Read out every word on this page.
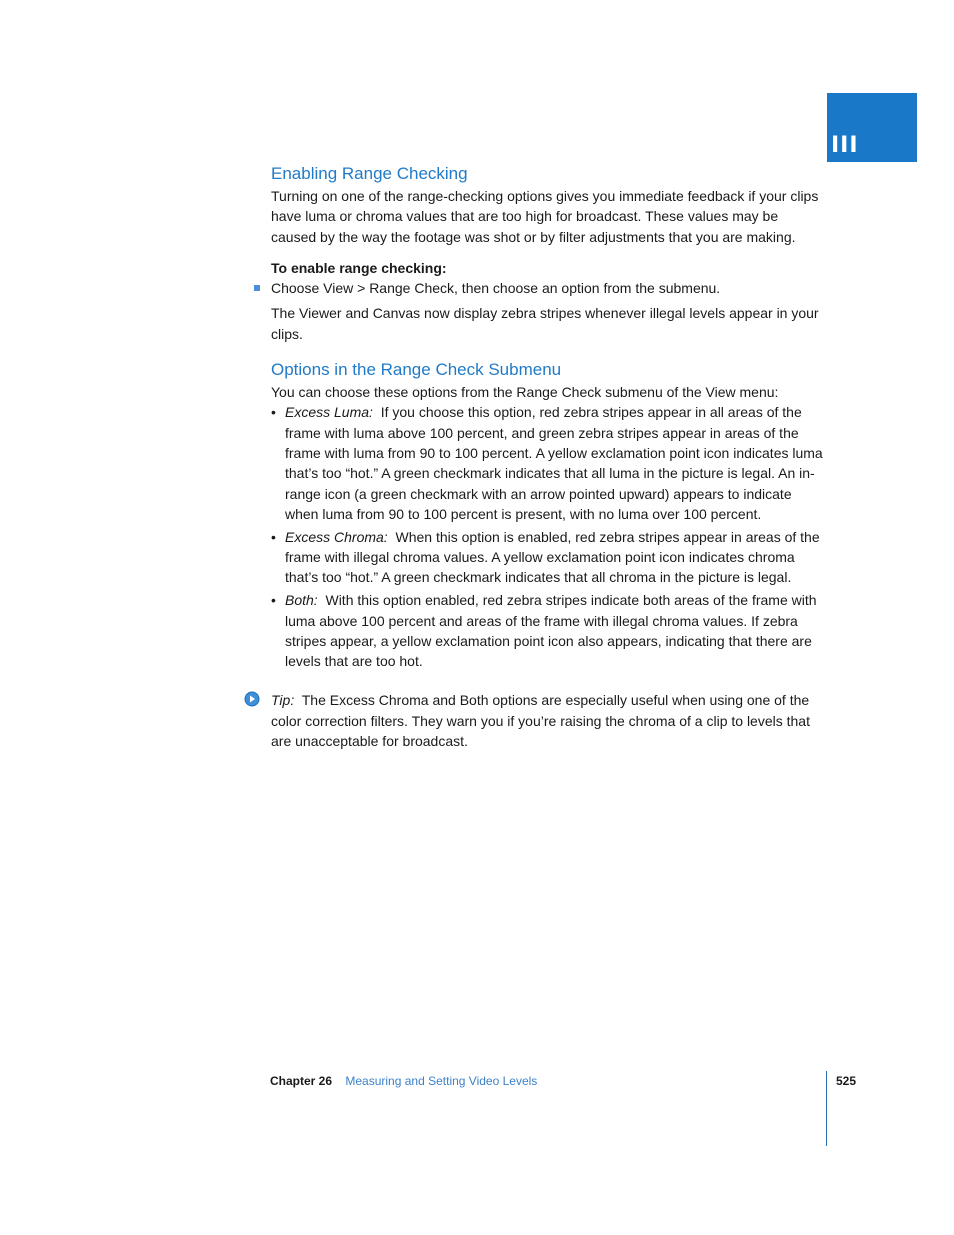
III
Enabling Range Checking

Turning on one of the range-checking options gives you immediate feedback if your clips have luma or chroma values that are too high for broadcast. These values may be caused by the way the footage was shot or by filter adjustments that you are making.

To enable range checking:

Choose View > Range Check, then choose an option from the submenu.

The Viewer and Canvas now display zebra stripes whenever illegal levels appear in your clips.

Options in the Range Check Submenu

You can choose these options from the Range Check submenu of the View menu:

• Excess Luma: If you choose this option, red zebra stripes appear in all areas of the frame with luma above 100 percent, and green zebra stripes appear in areas of the frame with luma from 90 to 100 percent. A yellow exclamation point icon indicates luma that’s too “hot.” A green checkmark indicates that all luma in the picture is legal. An in-range icon (a green checkmark with an arrow pointed upward) appears to indicate when luma from 90 to 100 percent is present, with no luma over 100 percent.
• Excess Chroma: When this option is enabled, red zebra stripes appear in areas of the frame with illegal chroma values. A yellow exclamation point icon indicates chroma that’s too “hot.” A green checkmark indicates that all chroma in the picture is legal.
• Both: With this option enabled, red zebra stripes indicate both areas of the frame with luma above 100 percent and areas of the frame with illegal chroma values. If zebra stripes appear, a yellow exclamation point icon also appears, indicating that there are levels that are too hot.

Tip: The Excess Chroma and Both options are especially useful when using one of the color correction filters. They warn you if you’re raising the chroma of a clip to levels that are unacceptable for broadcast.

Chapter 26 Measuring and Setting Video Levels	525
